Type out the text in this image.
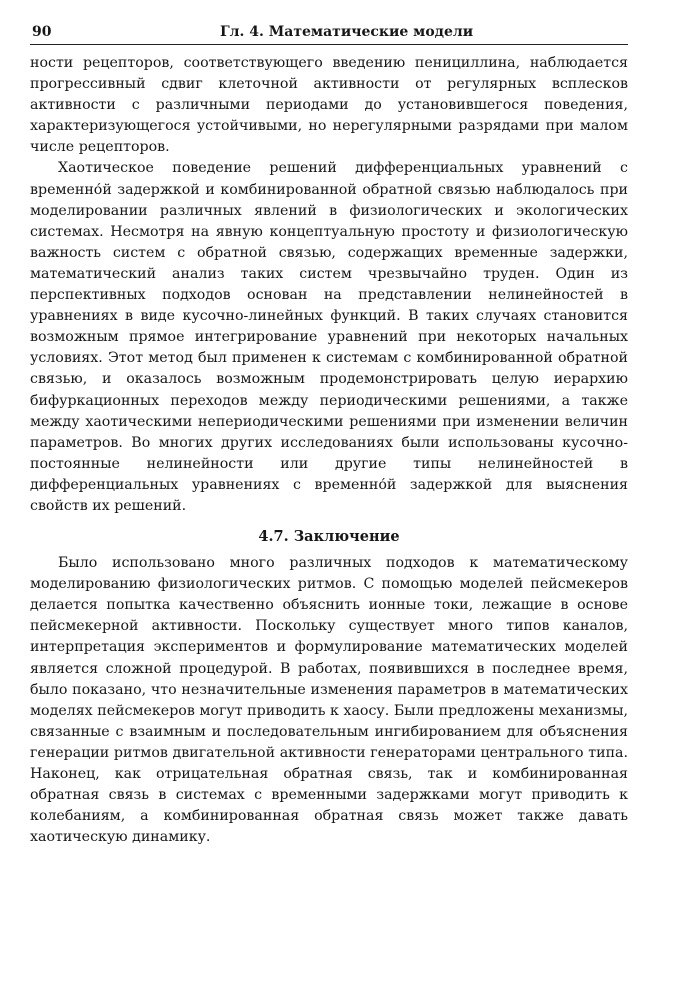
90	Гл. 4. Математические модели

ности рецепторов, соответствующего введению пенициллина, наблюдается прогрессивный сдвиг клеточной активности от регулярных всплесков активности с различными периодами до установившегося поведения, характеризующегося устойчивыми, но нерегулярными разрядами при малом числе рецепторов.

Хаотическое поведение решений дифференциальных уравнений с временно́й задержкой и комбинированной обратной связью наблюдалось при моделировании различных явлений в физиологических и экологических системах. Несмотря на явную концептуальную простоту и физиологическую важность систем с обратной связью, содержащих временные задержки, математический анализ таких систем чрезвычайно труден. Один из перспективных подходов основан на представлении нелинейностей в уравнениях в виде кусочно-линейных функций. В таких случаях становится возможным прямое интегрирование уравнений при некоторых начальных условиях. Этот метод был применен к системам с комбинированной обратной связью, и оказалось возможным продемонстрировать целую иерархию бифуркационных переходов между периодическими решениями, а также между хаотическими непериодическими решениями при изменении величин параметров. Во многих других исследованиях были использованы кусочно-постоянные нелинейности или другие типы нелинейностей в дифференциальных уравнениях с временно́й задержкой для выяснения свойств их решений.

4.7. Заключение

Было использовано много различных подходов к математическому моделированию физиологических ритмов. С помощью моделей пейсмекеров делается попытка качественно объяснить ионные токи, лежащие в основе пейсмекерной активности. Поскольку существует много типов каналов, интерпретация экспериментов и формулирование математических моделей является сложной процедурой. В работах, появившихся в последнее время, было показано, что незначительные изменения параметров в математических моделях пейсмекеров могут приводить к хаосу. Были предложены механизмы, связанные с взаимным и последовательным ингибированием для объяснения генерации ритмов двигательной активности генераторами центрального типа. Наконец, как отрицательная обратная связь, так и комбинированная обратная связь в системах с временными задержками могут приводить к колебаниям, а комбинированная обратная связь может также давать хаотическую динамику.
